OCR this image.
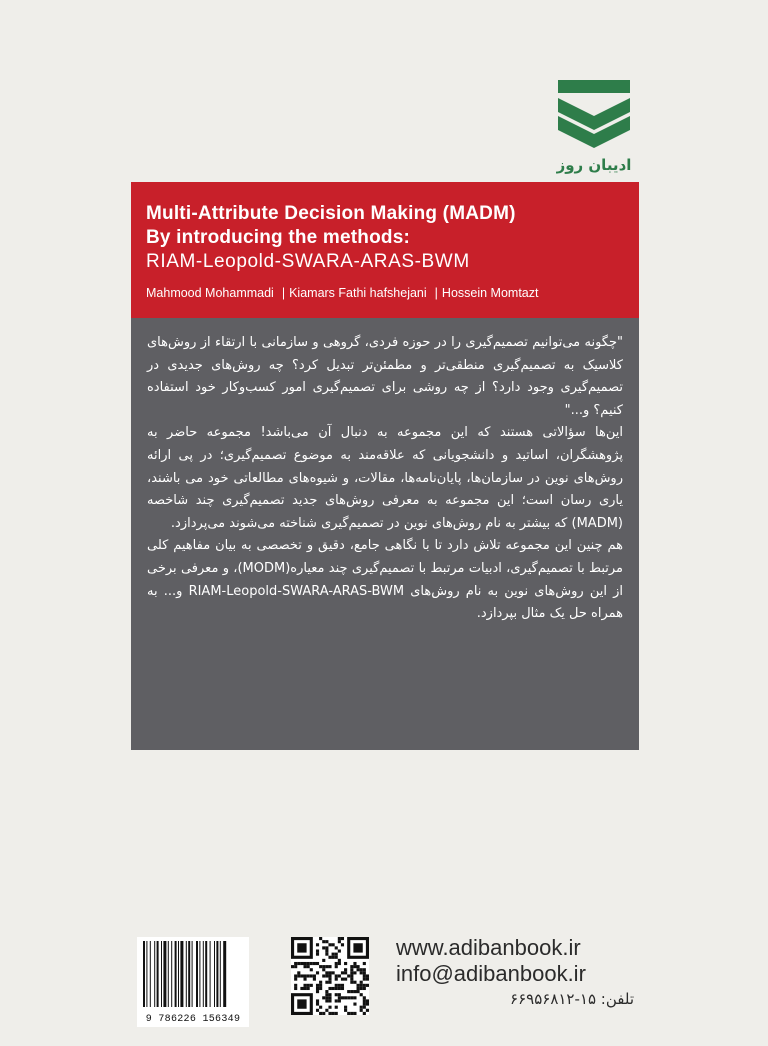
ادیبان روز
Multi-Attribute Decision Making (MADM)
By introducing the methods:
RIAM-Leopold-SWARA-ARAS-BWM
Mahmood Mohammadi | Kiamars Fathi hafshejani | Hossein Momtazt

"چگونه می‌توانیم تصمیم‌گیری را در حوزه فردی، گروهی و سازمانی با ارتقاء از روش‌های کلاسیک به تصمیم‌گیری منطقی‌تر و مطمئن‌تر تبدیل کرد؟ چه روش‌های جدیدی در تصمیم‌گیری وجود دارد؟ از چه روشی برای تصمیم‌گیری امور کسب‌وکار خود استفاده کنیم؟ و..."

این‌ها سؤالاتی هستند که این مجموعه به دنبال آن می‌باشد! مجموعه حاضر به پژوهشگران، اساتید و دانشجویانی که علاقه‌مند به موضوع تصمیم‌گیری؛ در پی ارائه روش‌های نوین در سازمان‌ها، پایان‌نامه‌ها، مقالات، و شیوه‌های مطالعاتی خود می باشند، یاری رسان است؛ این مجموعه به معرفی روش‌های جدید تصمیم‌گیری چند شاخصه (MADM) که بیشتر به نام روش‌های نوین در تصمیم‌گیری شناخته می‌شوند می‌پردازد.

هم چنین این مجموعه تلاش دارد تا با نگاهی جامع، دقیق و تخصصی به بیان مفاهیم کلی مرتبط با تصمیم‌گیری، ادبیات مرتبط با تصمیم‌گیری چند معیاره(MODM)، و معرفی برخی از این روش‌های نوین به نام روش‌های RIAM-Leopold-SWARA-ARAS-BWM و... به همراه حل یک مثال بپردازد.

9 786226 156349
www.adibanbook.ir
info@adibanbook.ir
تلفن: ۱۵-۶۶۹۵۶۸۱۲
